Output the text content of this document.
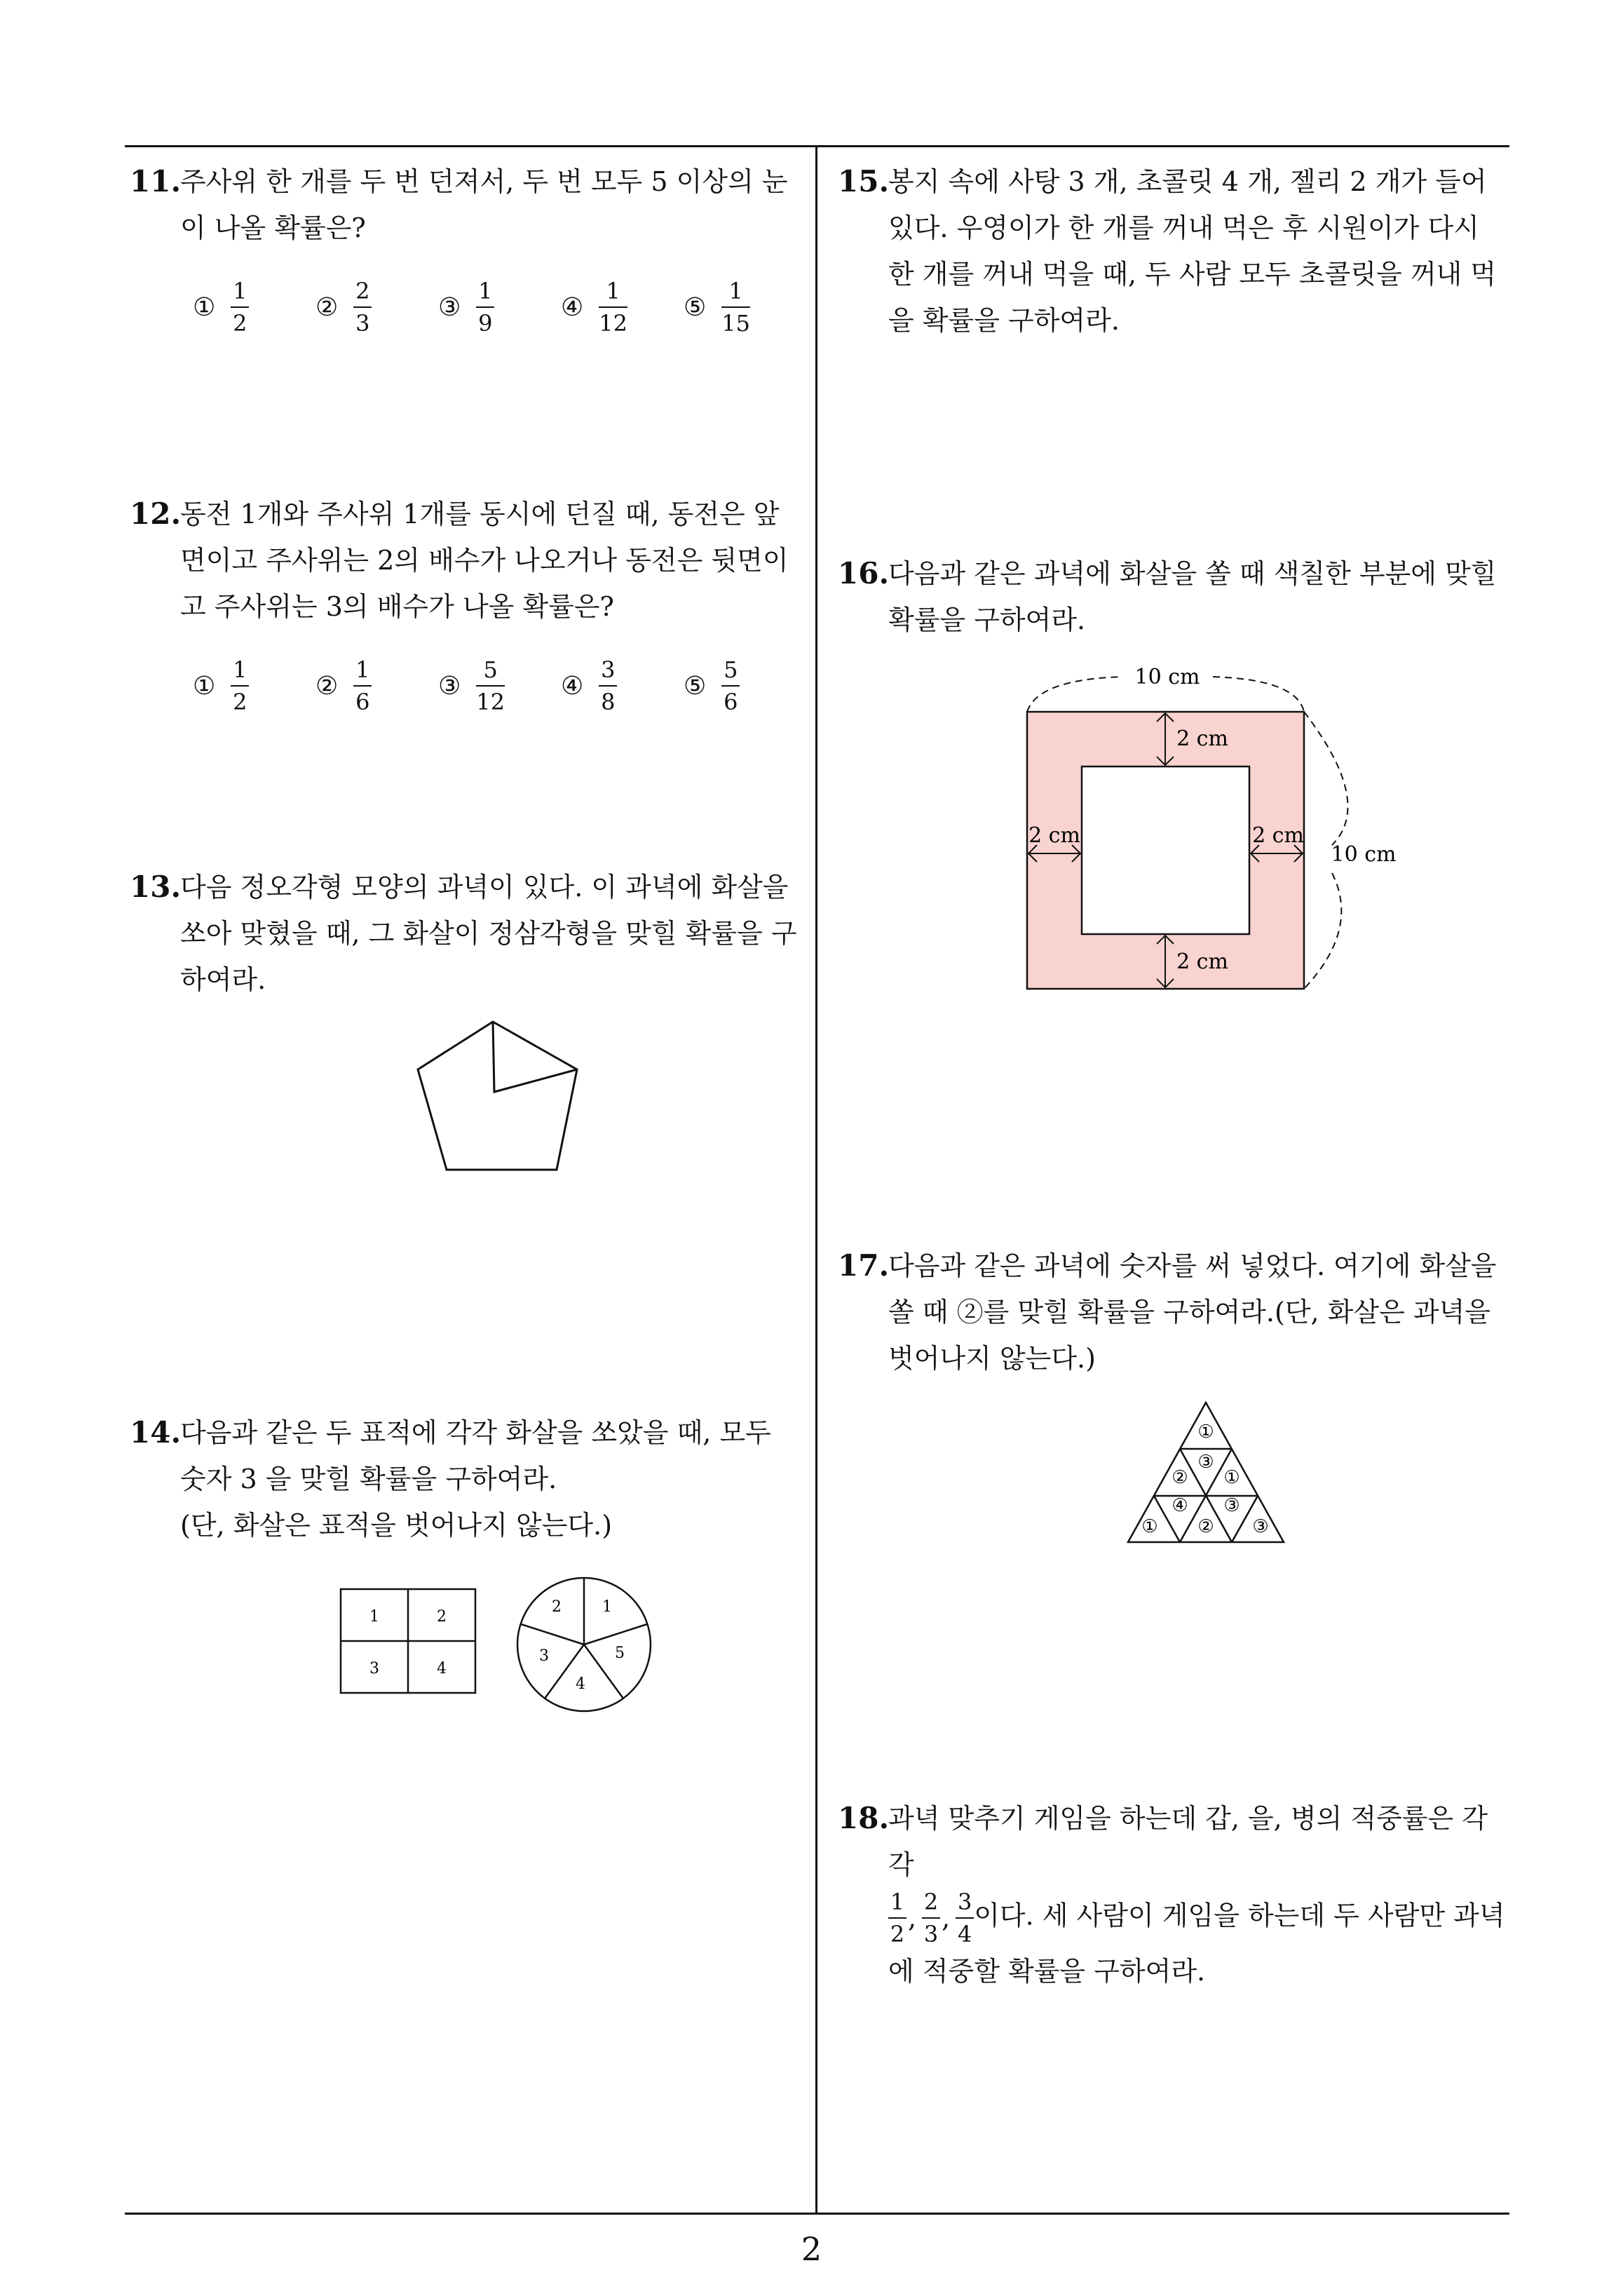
11.
주사위 한 개를 두 번 던져서, 두 번 모두 5 이상의 눈이 나올 확률은?
① $\frac{1}{2}$	② $\frac{2}{3}$	③ $\frac{1}{9}$	④ $\frac{1}{12}$ ⑤ $\frac{1}{15}$
12.
동전 1개와 주사위 1개를 동시에 던질 때, 동전은 앞면이고 주사위는 2의 배수가 나오거나 동전은 뒷면이고 주사위는 3의 배수가 나올 확률은?
① $\frac{1}{2}$	② $\frac{1}{6}$	③ $\frac{5}{12}$ ④ $\frac{3}{8}$	⑤ $\frac{5}{6}$
13.
다음 정오각형 모양의 과녁이 있다. 이 과녁에 화살을 쏘아 맞혔을 때, 그 화살이 정삼각형을 맞힐 확률을 구하여라.
14.
다음과 같은 두 표적에 각각 화살을 쏘았을 때, 모두 숫자 3 을 맞힐 확률을 구하여라.
(단, 화살은 표적을 벗어나지 않는다.)
1	2
3	4
2	1
3	5
4
15.
봉지 속에 사탕 3 개, 초콜릿 4 개, 젤리 2 개가 들어 있다. 우영이가 한 개를 꺼내 먹은 후 시원이가 다시 한 개를 꺼내 먹을 때, 두 사람 모두 초콜릿을 꺼내 먹을 확률을 구하여라.
16.
다음과 같은 과녁에 화살을 쏠 때 색칠한 부분에 맞힐 확률을 구하여라.
10 cm
10 cm
2 cm
2 cm	2 cm
2 cm
17.
다음과 같은 과녁에 숫자를 써 넣었다. 여기에 화살을 쏠 때 ②를 맞힐 확률을 구하여라.(단, 화살은 과녁을 벗어나지 않는다.)
①
③
② ①
④ ③
① ② ③
18.
과녁 맞추기 게임을 하는데 갑, 을, 병의 적중률은 각각

$\frac{1}{2}$ , $\frac{2}{3}$ , $\frac{3}{4}$ 이다. 세 사람이 게임을 하는데 두 사람만 과녁에 적중할 확률을 구하여라.
2
